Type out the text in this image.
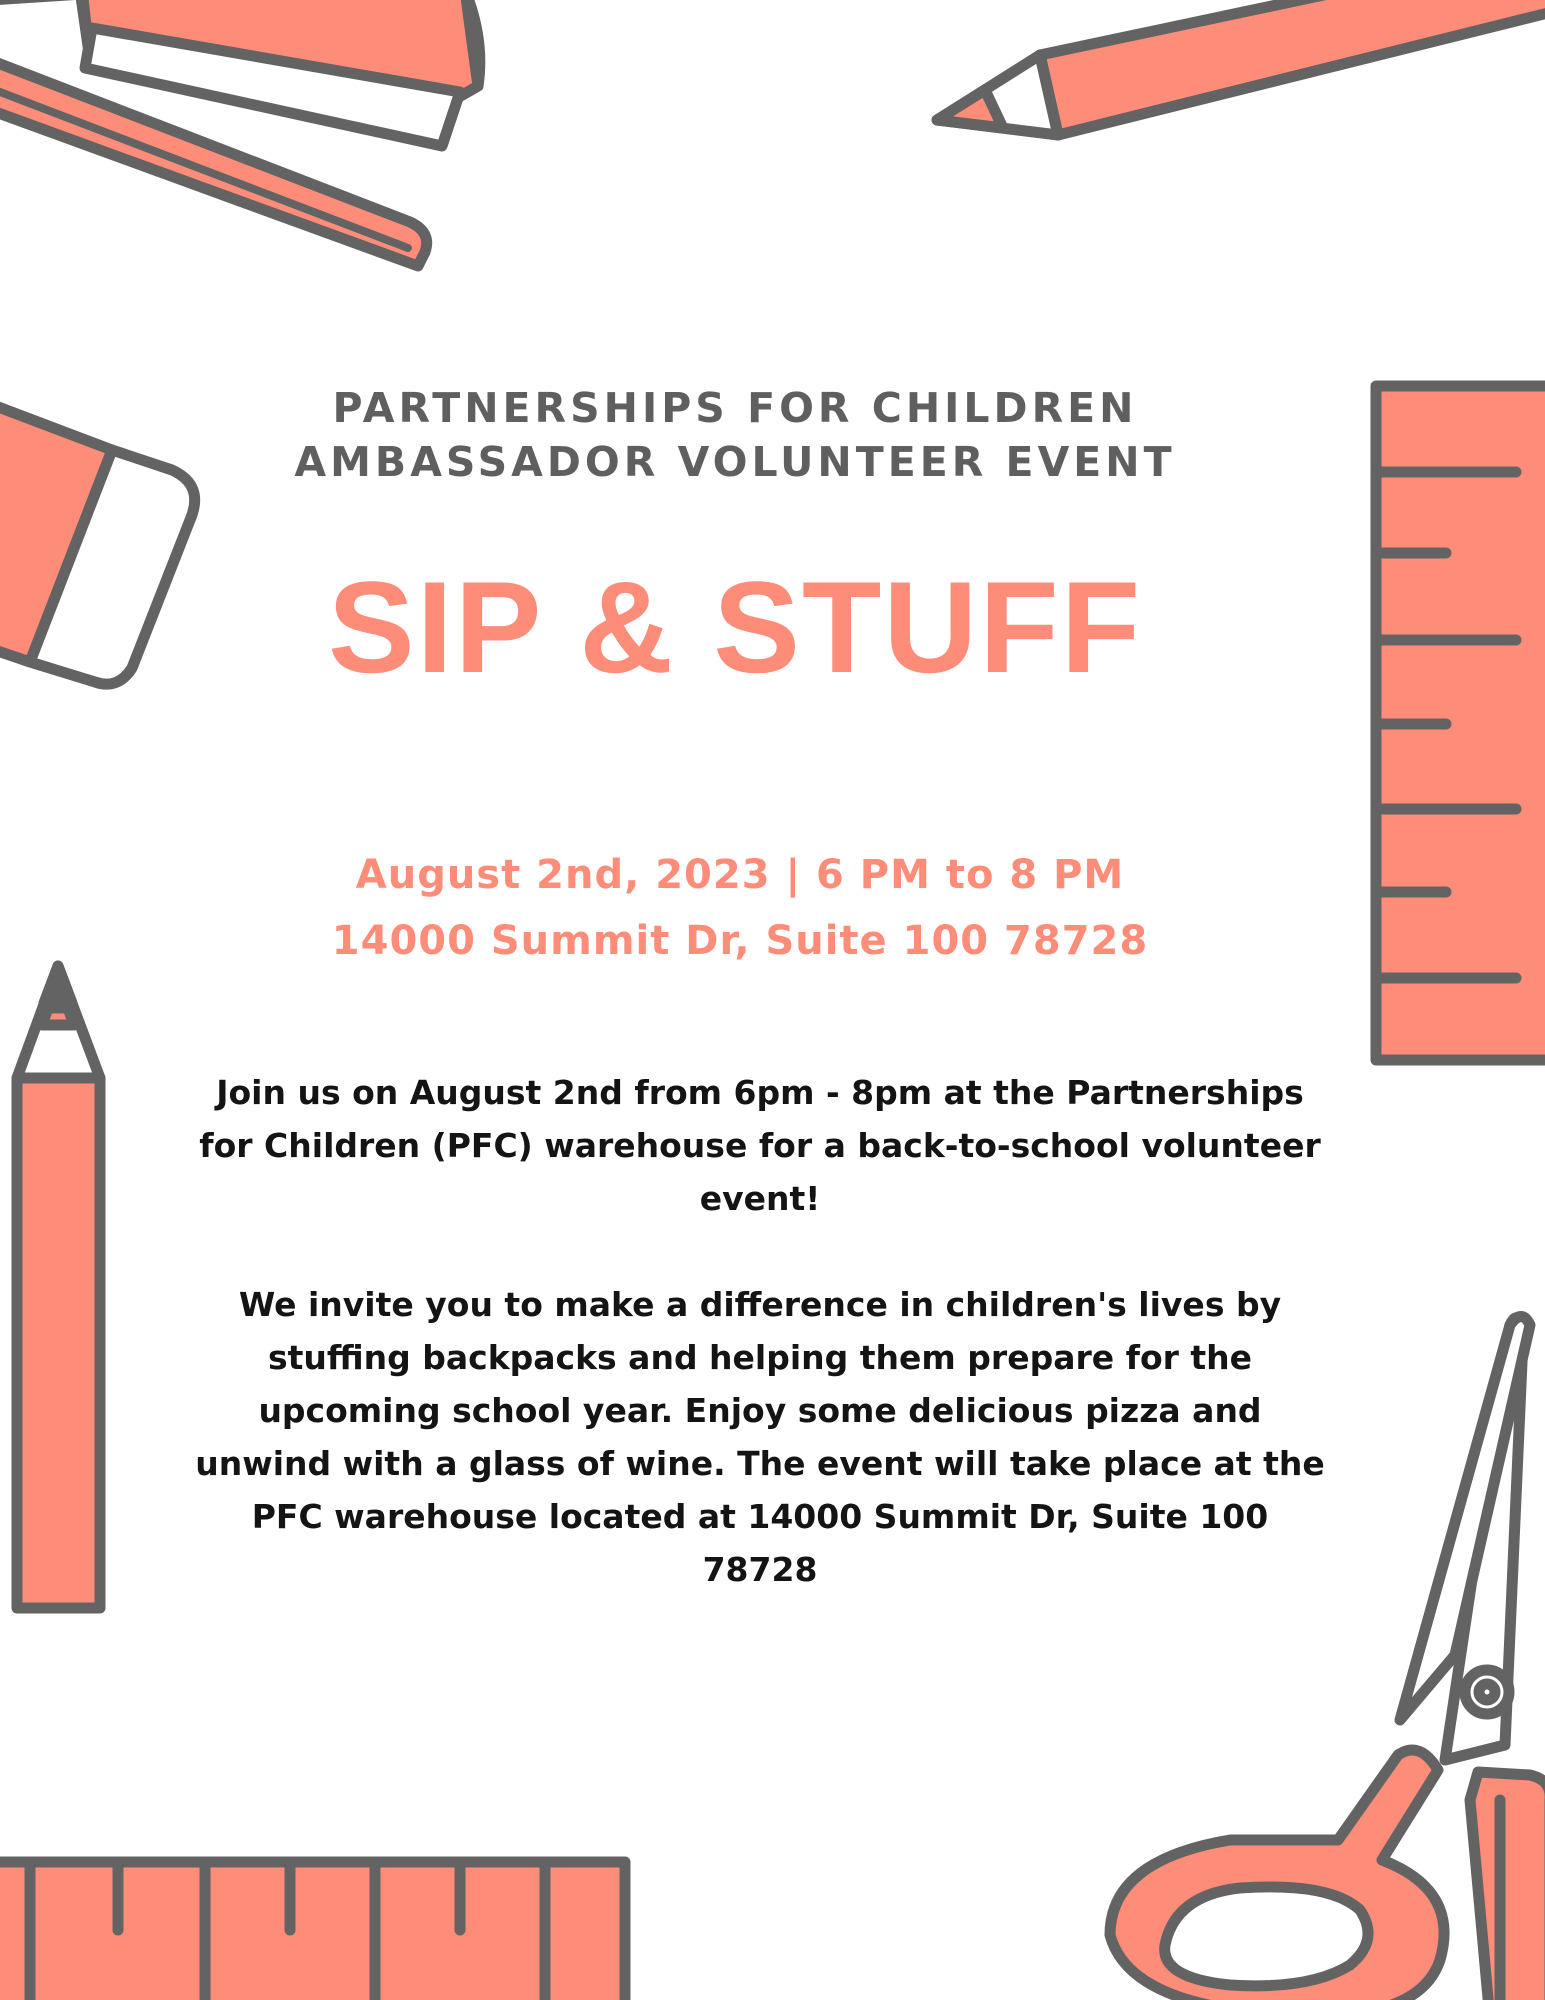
PARTNERSHIPS FOR CHILDREN
AMBASSADOR VOLUNTEER EVENT
SIP & STUFF

August 2nd, 2023 | 6 PM to 8 PM

14000 Summit Dr, Suite 100 78728

Join us on August 2nd from 6pm - 8pm at the Partnerships for Children (PFC) warehouse for a back-to-school volunteer event!

We invite you to make a difference in children's lives by stuffing backpacks and helping them prepare for the upcoming school year. Enjoy some delicious pizza and unwind with a glass of wine. The event will take place at the PFC warehouse located at 14000 Summit Dr, Suite 100 78728
